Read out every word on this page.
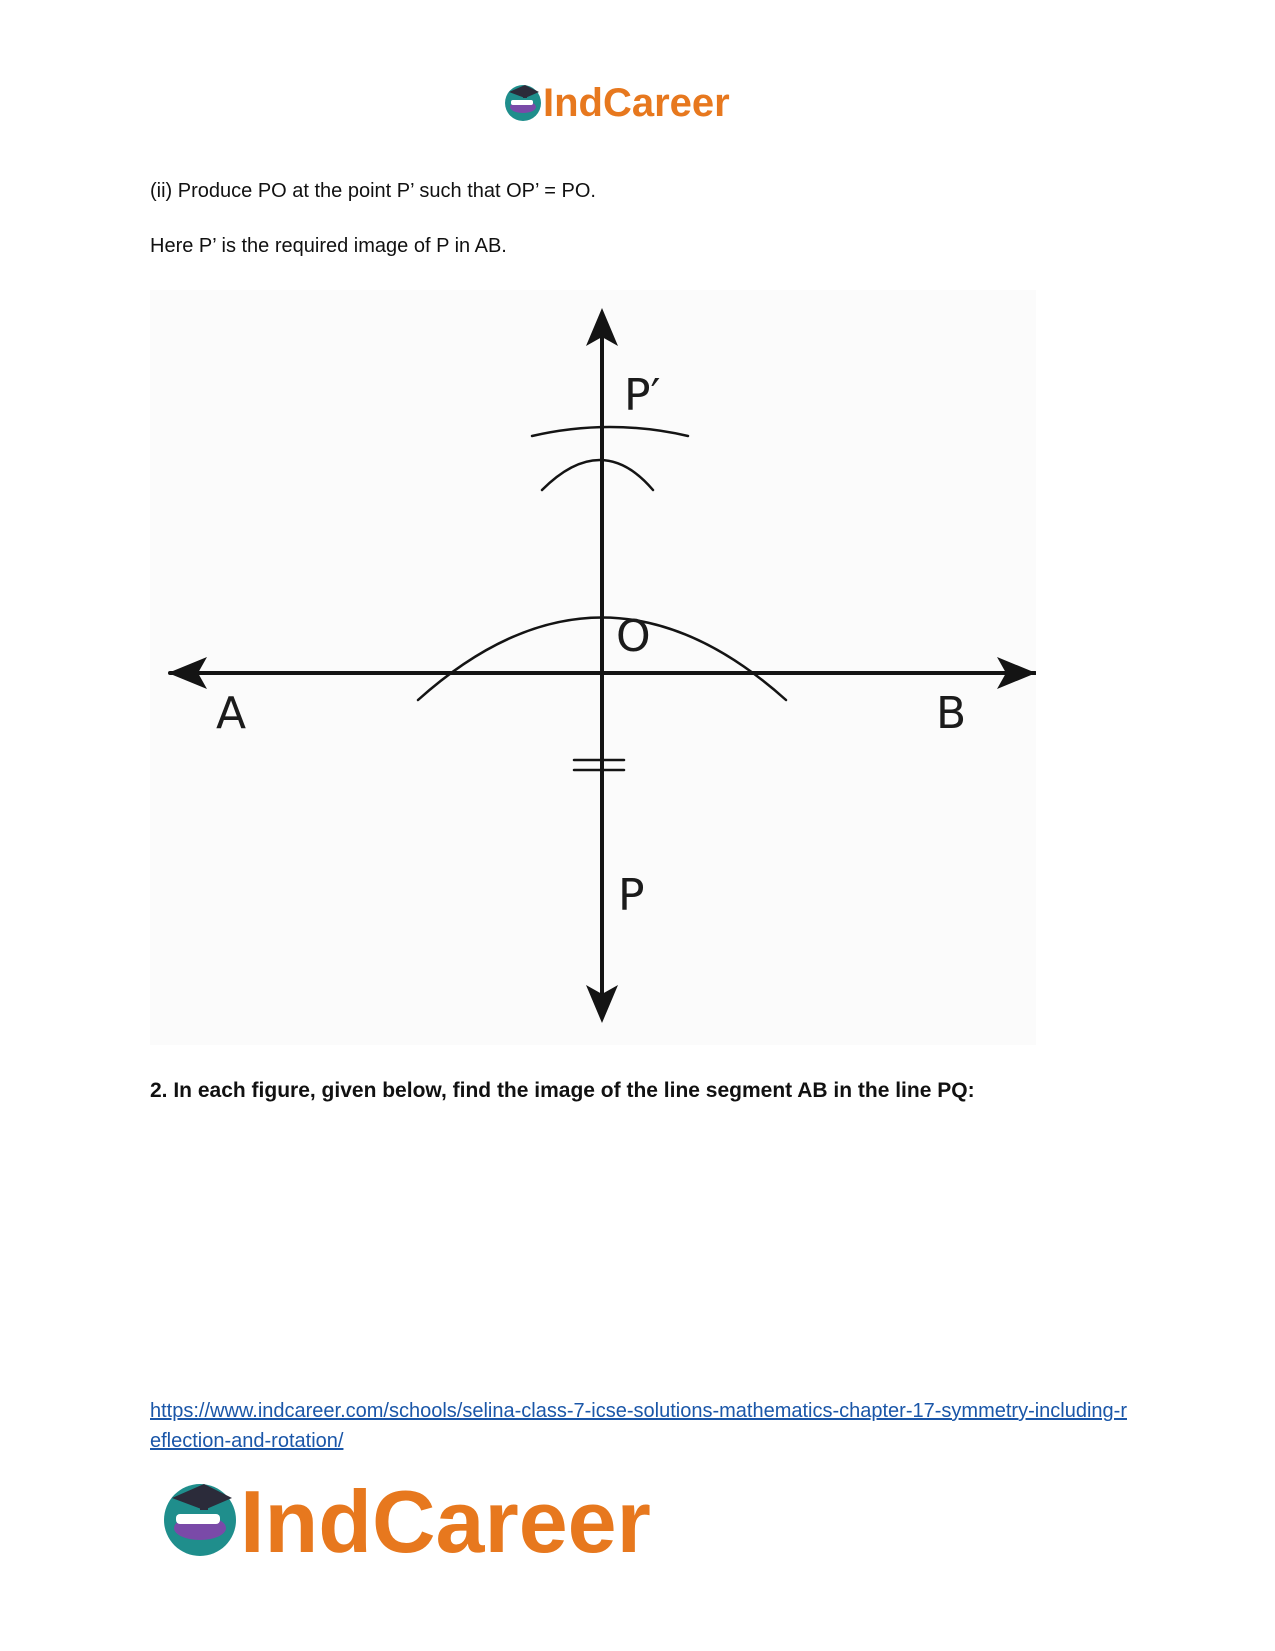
IndCareer

(ii) Produce PO at the point P’ such that OP’ = PO.

Here P’ is the required image of P in AB.

P′
O
A	B
P

2. In each figure, given below, find the image of the line segment AB in the line PQ:

https://www.indcareer.com/schools/selina-class-7-icse-solutions-mathematics-chapter-17-symmetry-including-reflection-and-rotation/
IndCareer
